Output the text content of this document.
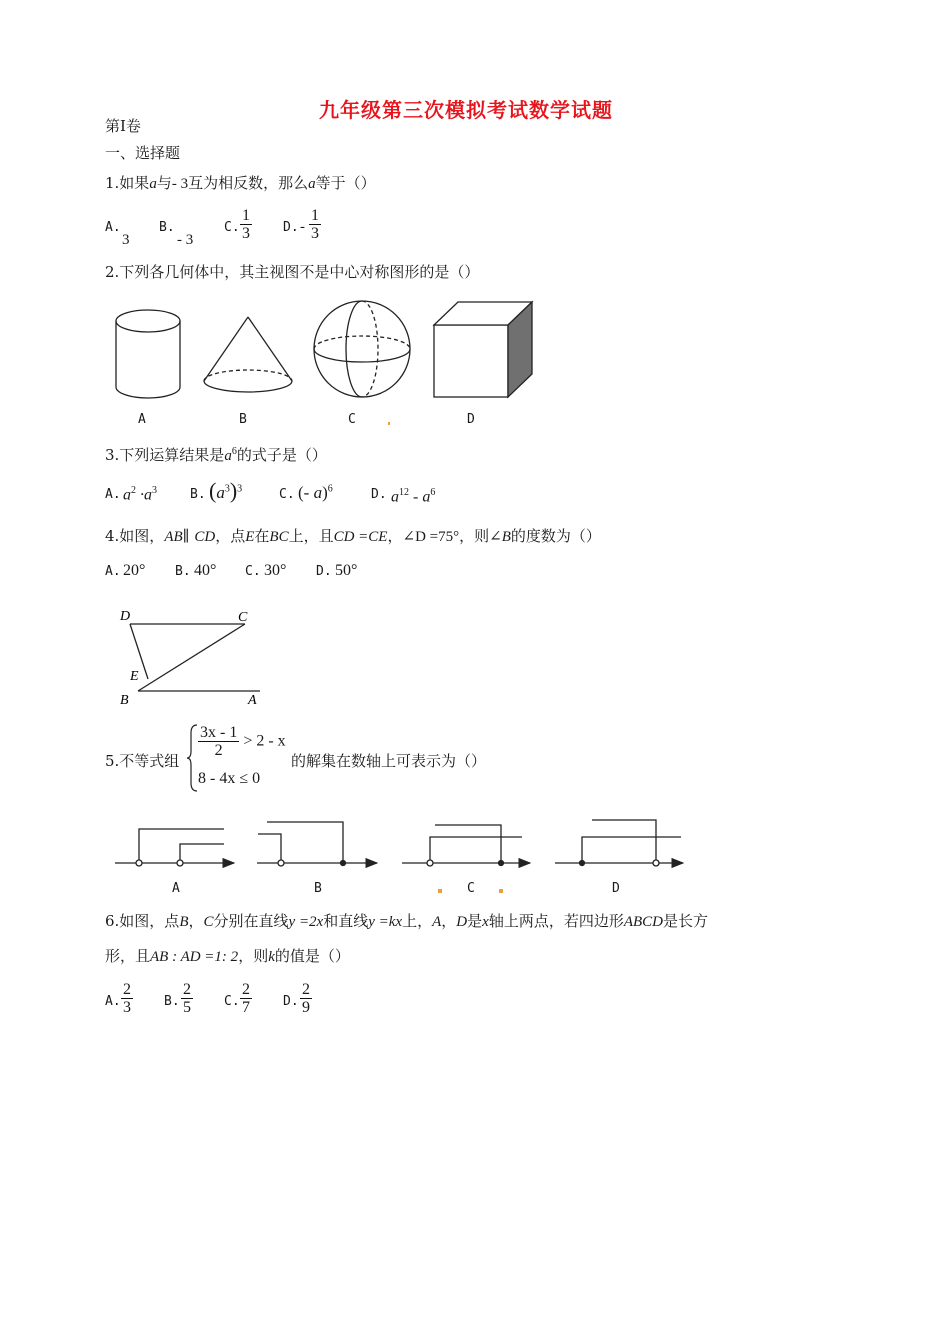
九年级第三次模拟考试数学试题
第Ⅰ卷
一、选择题
1.如果a与- 3互为相反数，那么a等于（）
A.
3
B.
- 3
C. $\frac{1}{3} D$. - $\frac{1}{3}$
2.下列各几何体中，其主视图不是中心对称图形的是（）
A	B	C	D
3.下列运算结果是$a^6$的式子是（）
A. $a^2 \cdot a^3$	B. $(a^3)^3$	C. (- a)$^6$	D. $a^{12} - a^6$
4.如图，AB∥ CD，点E在BC上，且CD =CE，∠D =75°，则∠B的度数为（）
A. 20° B. 40° C. 30° D. 50°
D	C
E
B	A
5.不等式组
$\frac{3x - 1}{2} > 2 - x$
8 - 4x ≤ 0
的解集在数轴上可表示为（）
A	B	C	D
6.如图，点B，C分别在直线y =2x和直线y =kx上，A，D是x轴上两点，若四边形ABCD是长方
形，且AB : AD =1: 2，则k的值是（）
A. $\frac{2}{3} B$. $\frac{2}{5} C$. $\frac{2}{7} D$. $\frac{2}{9}$
